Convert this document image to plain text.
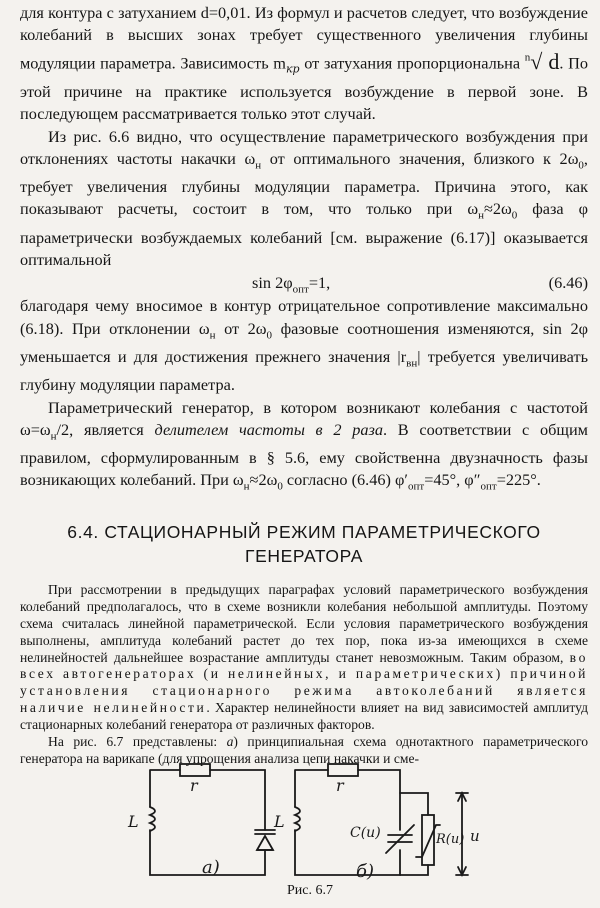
для контура с затуханием d=0,01. Из формул и расчетов следует, что возбуждение колебаний в высших зонах требует существенного увеличения глубины модуляции параметра. Зависимость $m_{кр}$ от затухания пропорциональна $^n$√ d. По этой причине на практике используется возбуждение в первой зоне. В последующем рассматривается только этот случай.

Из рис. 6.6 видно, что осуществление параметрического возбуждения при отклонениях частоты накачки $\omega_н$ от оптимального значения, близкого к $2\omega_0$, требует увеличения глубины модуляции параметра. Причина этого, как показывают расчеты, состоит в том, что только при $\omega_н\approx 2\omega_0$ фаза φ параметрически возбуждаемых колебаний [см. выражение (6.17)] оказывается оптимальной

$\sin 2\varphi_{опт}=1$,	(6.46)

благодаря чему вносимое в контур отрицательное сопротивление максимально (6.18). При отклонении $\omega_н$ от $2\omega_0$ фазовые соотношения изменяются, sin 2φ уменьшается и для достижения прежнего значения $|r_{вн}|$ требуется увеличивать глубину модуляции параметра.

Параметрический генератор, в котором возникают колебания с частотой $\omega=\omega_н/2$, является делителем частоты в 2 раза. В соответствии с общим правилом, сформулированным в § 5.6, ему свойственна двузначность фазы возникающих колебаний. При $\omega_н\approx 2\omega_0$ согласно (6.46) $\varphi'_{опт}=45^\circ$, $\varphi''_{опт}=225^\circ$.

6.4. СТАЦИОНАРНЫЙ РЕЖИМ ПАРАМЕТРИЧЕСКОГО ГЕНЕРАТОРА

При рассмотрении в предыдущих параграфах условий параметрического возбуждения колебаний предполагалось, что в схеме возникли колебания небольшой амплитуды. Поэтому схема считалась линейной параметрической. Если условия параметрического возбуждения выполнены, амплитуда колебаний растет до тех пор, пока из-за имеющихся в схеме нелинейностей дальнейшее возрастание амплитуды станет невозможным. Таким образом, во всех автогенераторах (и нелинейных, и параметрических) причиной установления стационарного режима автоколебаний является наличие нелинейности. Характер нелинейности влияет на вид зависимостей амплитуд стационарных колебаний генератора от различных факторов.

На рис. 6.7 представлены: а) принципиальная схема однотактного параметрического генератора на варикапе (для упрощения анализа цепи накачки и сме-

r
L
a)
r
L
C(u)	R(u) u
б)
Рис. 6.7
